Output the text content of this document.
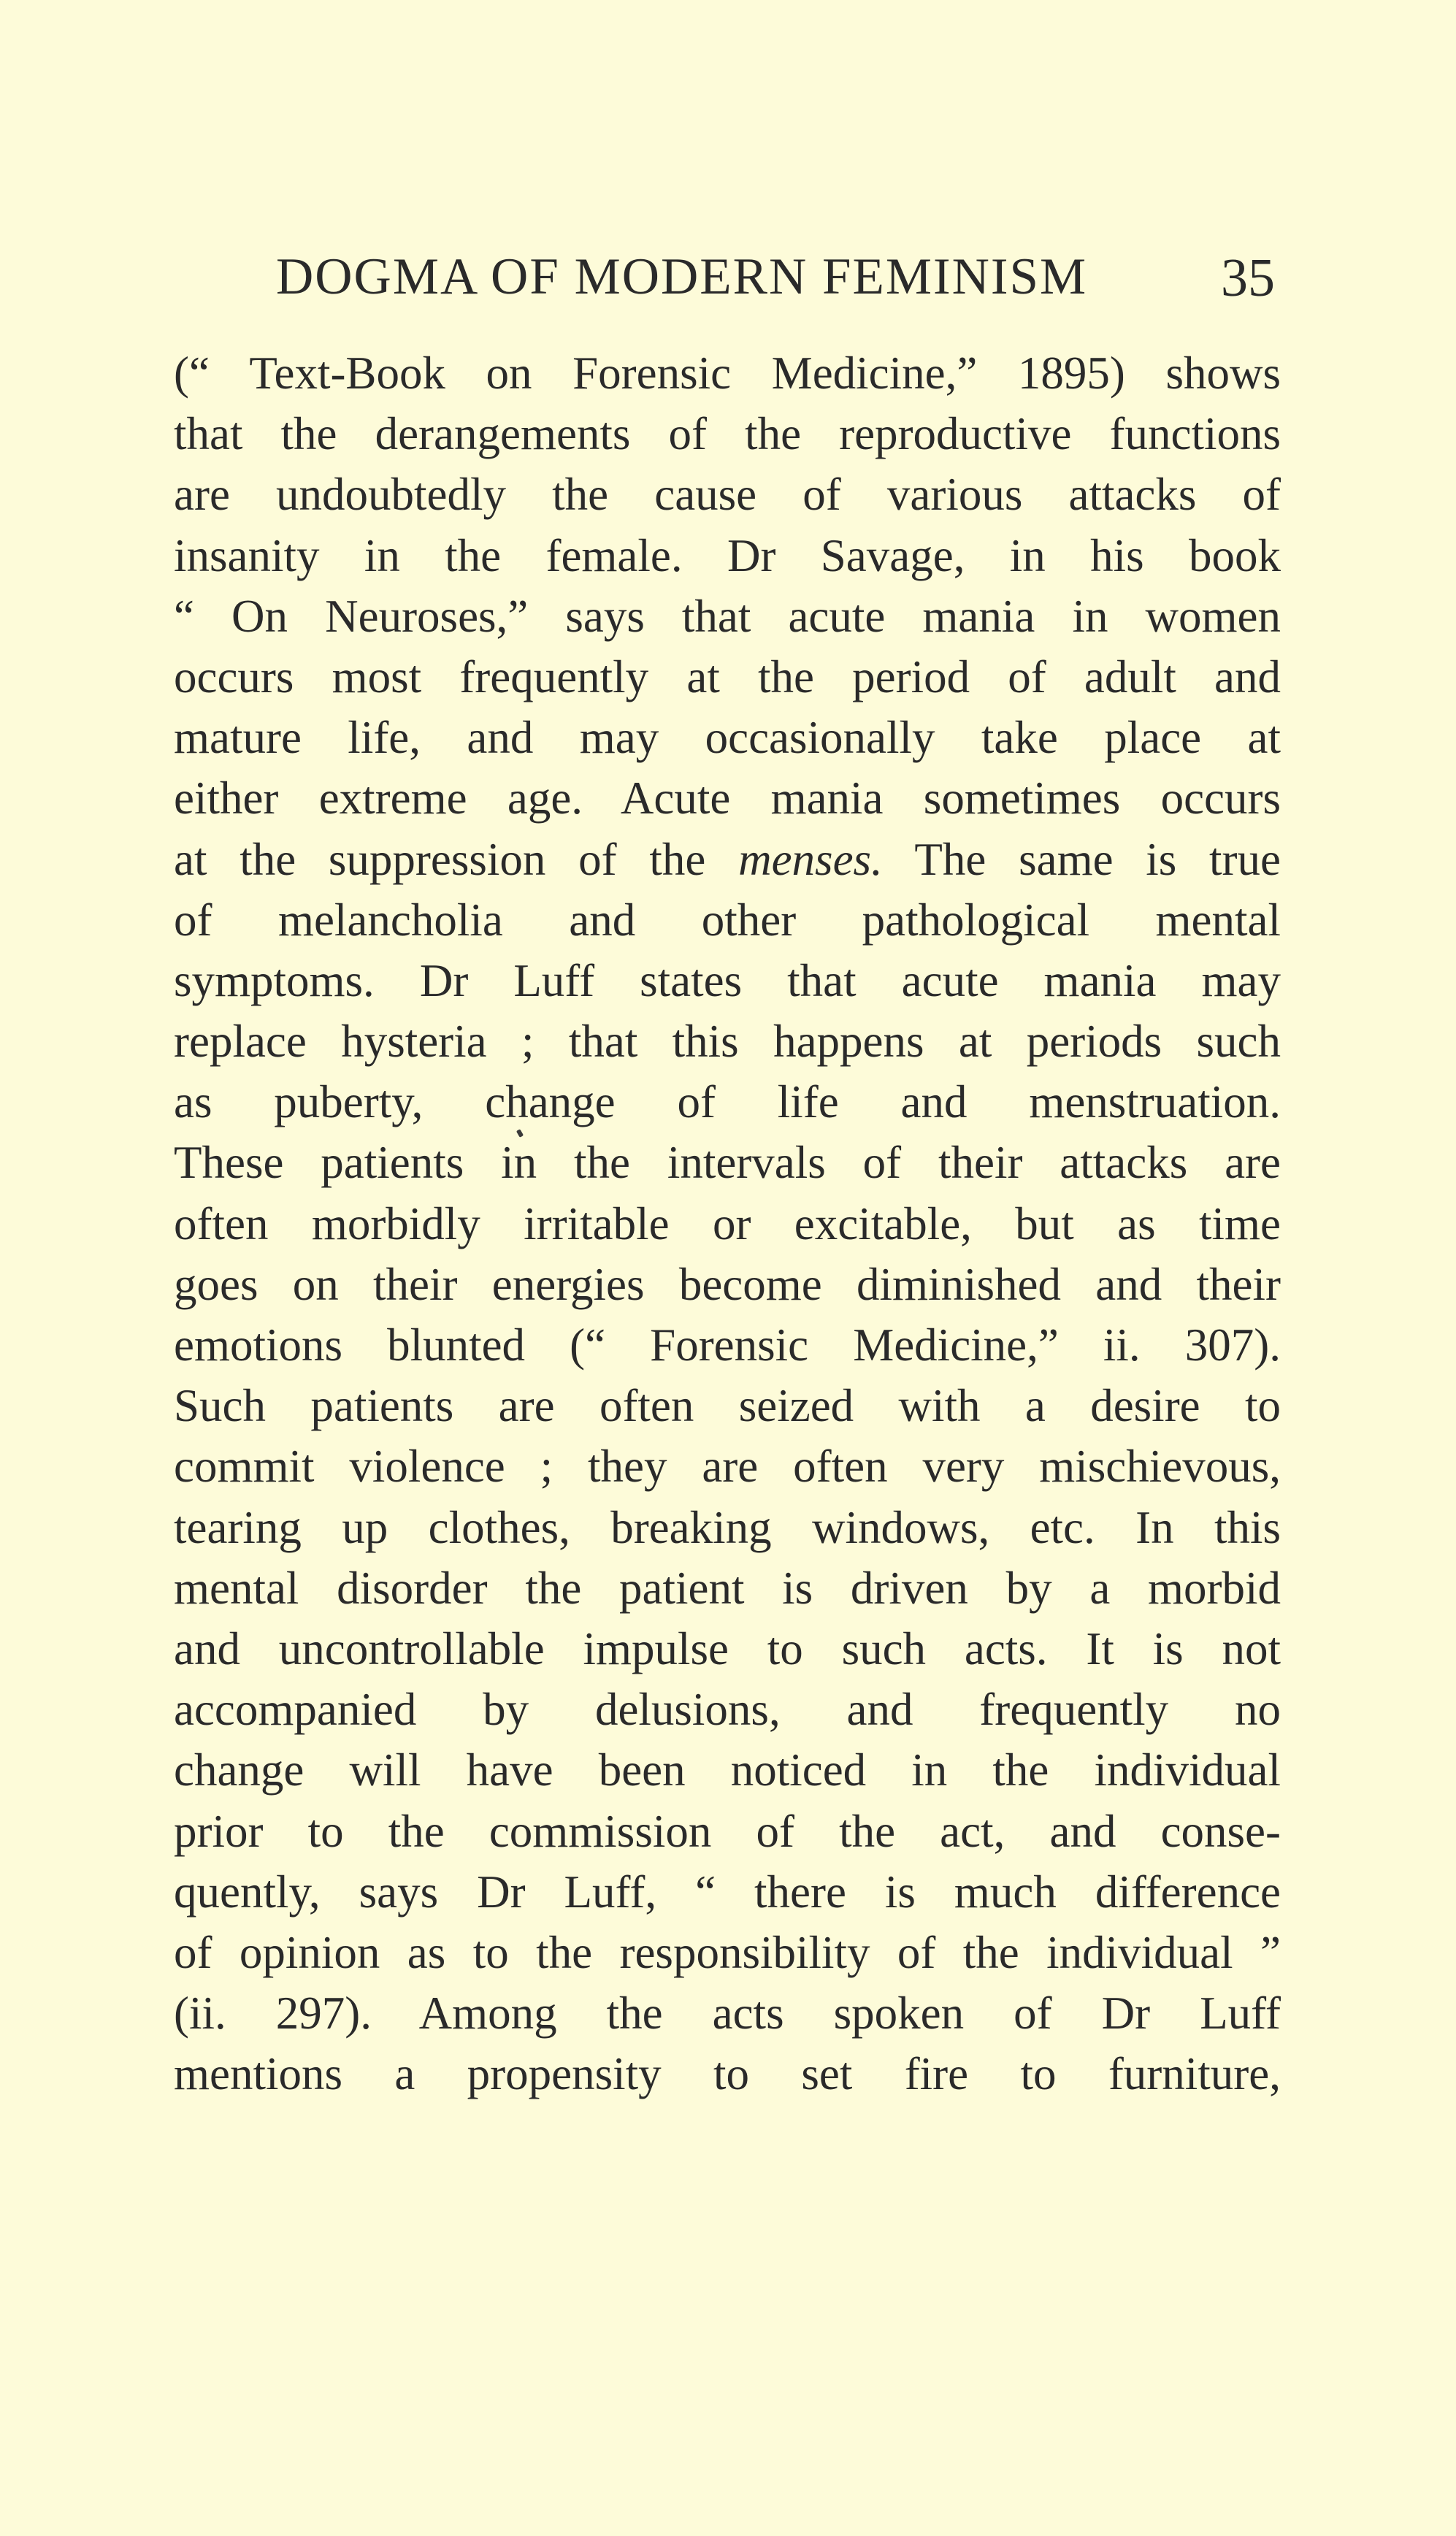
DOGMA OF MODERN FEMINISM 35
(“ Text-Book on Forensic Medicine,” 1895) shows
that the derangements of the reproductive functions
are undoubtedly the cause of various attacks of
insanity in the female. Dr Savage, in his book
“ On Neuroses,” says that acute mania in women
occurs most frequently at the period of adult and
mature life, and may occasionally take place at
either extreme age. Acute mania sometimes occurs
at the suppression of the menses. The same is true
of melancholia and other pathological mental
symptoms. Dr Luff states that acute mania may
replace hysteria ; that this happens at periods such
as puberty, change of life and menstruation.
These patients in the intervals of their attacks are
often morbidly irritable or excitable, but as time
goes on their energies become diminished and their
emotions blunted (“ Forensic Medicine,” ii. 307).
Such patients are often seized with a desire to
commit violence ; they are often very mischievous,
tearing up clothes, breaking windows, etc. In this
mental disorder the patient is driven by a morbid
and uncontrollable impulse to such acts. It is not
accompanied by delusions, and frequently no
change will have been noticed in the individual
prior to the commission of the act, and conse-
quently, says Dr Luff, “ there is much difference
of opinion as to the responsibility of the individual ”
(ii. 297). Among the acts spoken of Dr Luff
mentions a propensity to set fire to furniture,
